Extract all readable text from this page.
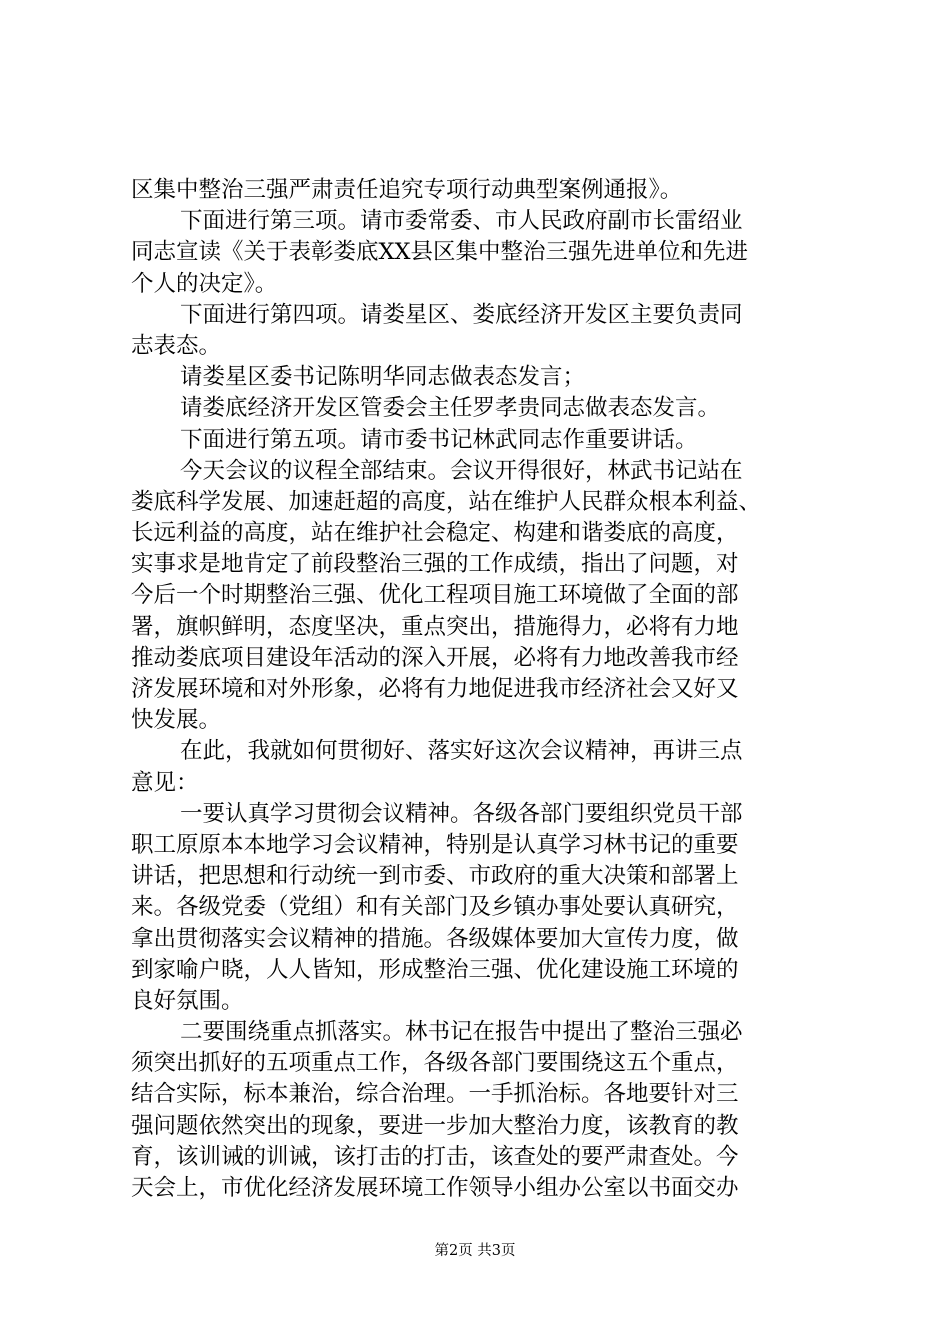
区集中整治三强严肃责任追究专项行动典型案例通报》。
下面进行第三项。请市委常委、市人民政府副市长雷绍业
同志宣读《关于表彰娄底XX县区集中整治三强先进单位和先进
个人的决定》。
下面进行第四项。请娄星区、娄底经济开发区主要负责同
志表态。
请娄星区委书记陈明华同志做表态发言；
请娄底经济开发区管委会主任罗孝贵同志做表态发言。
下面进行第五项。请市委书记林武同志作重要讲话。
今天会议的议程全部结束。会议开得很好，林武书记站在
娄底科学发展、加速赶超的高度，站在维护人民群众根本利益、
长远利益的高度，站在维护社会稳定、构建和谐娄底的高度，
实事求是地肯定了前段整治三强的工作成绩，指出了问题，对
今后一个时期整治三强、优化工程项目施工环境做了全面的部
署，旗帜鲜明，态度坚决，重点突出，措施得力，必将有力地
推动娄底项目建设年活动的深入开展，必将有力地改善我市经
济发展环境和对外形象，必将有力地促进我市经济社会又好又
快发展。
在此，我就如何贯彻好、落实好这次会议精神，再讲三点
意见：
一要认真学习贯彻会议精神。各级各部门要组织党员干部
职工原原本本地学习会议精神，特别是认真学习林书记的重要
讲话，把思想和行动统一到市委、市政府的重大决策和部署上
来。各级党委（党组）和有关部门及乡镇办事处要认真研究，
拿出贯彻落实会议精神的措施。各级媒体要加大宣传力度，做
到家喻户晓，人人皆知，形成整治三强、优化建设施工环境的
良好氛围。
二要围绕重点抓落实。林书记在报告中提出了整治三强必
须突出抓好的五项重点工作，各级各部门要围绕这五个重点，
结合实际，标本兼治，综合治理。一手抓治标。各地要针对三
强问题依然突出的现象，要进一步加大整治力度，该教育的教
育，该训诫的训诫，该打击的打击，该查处的要严肃查处。今
天会上，市优化经济发展环境工作领导小组办公室以书面交办
第2页 共3页
